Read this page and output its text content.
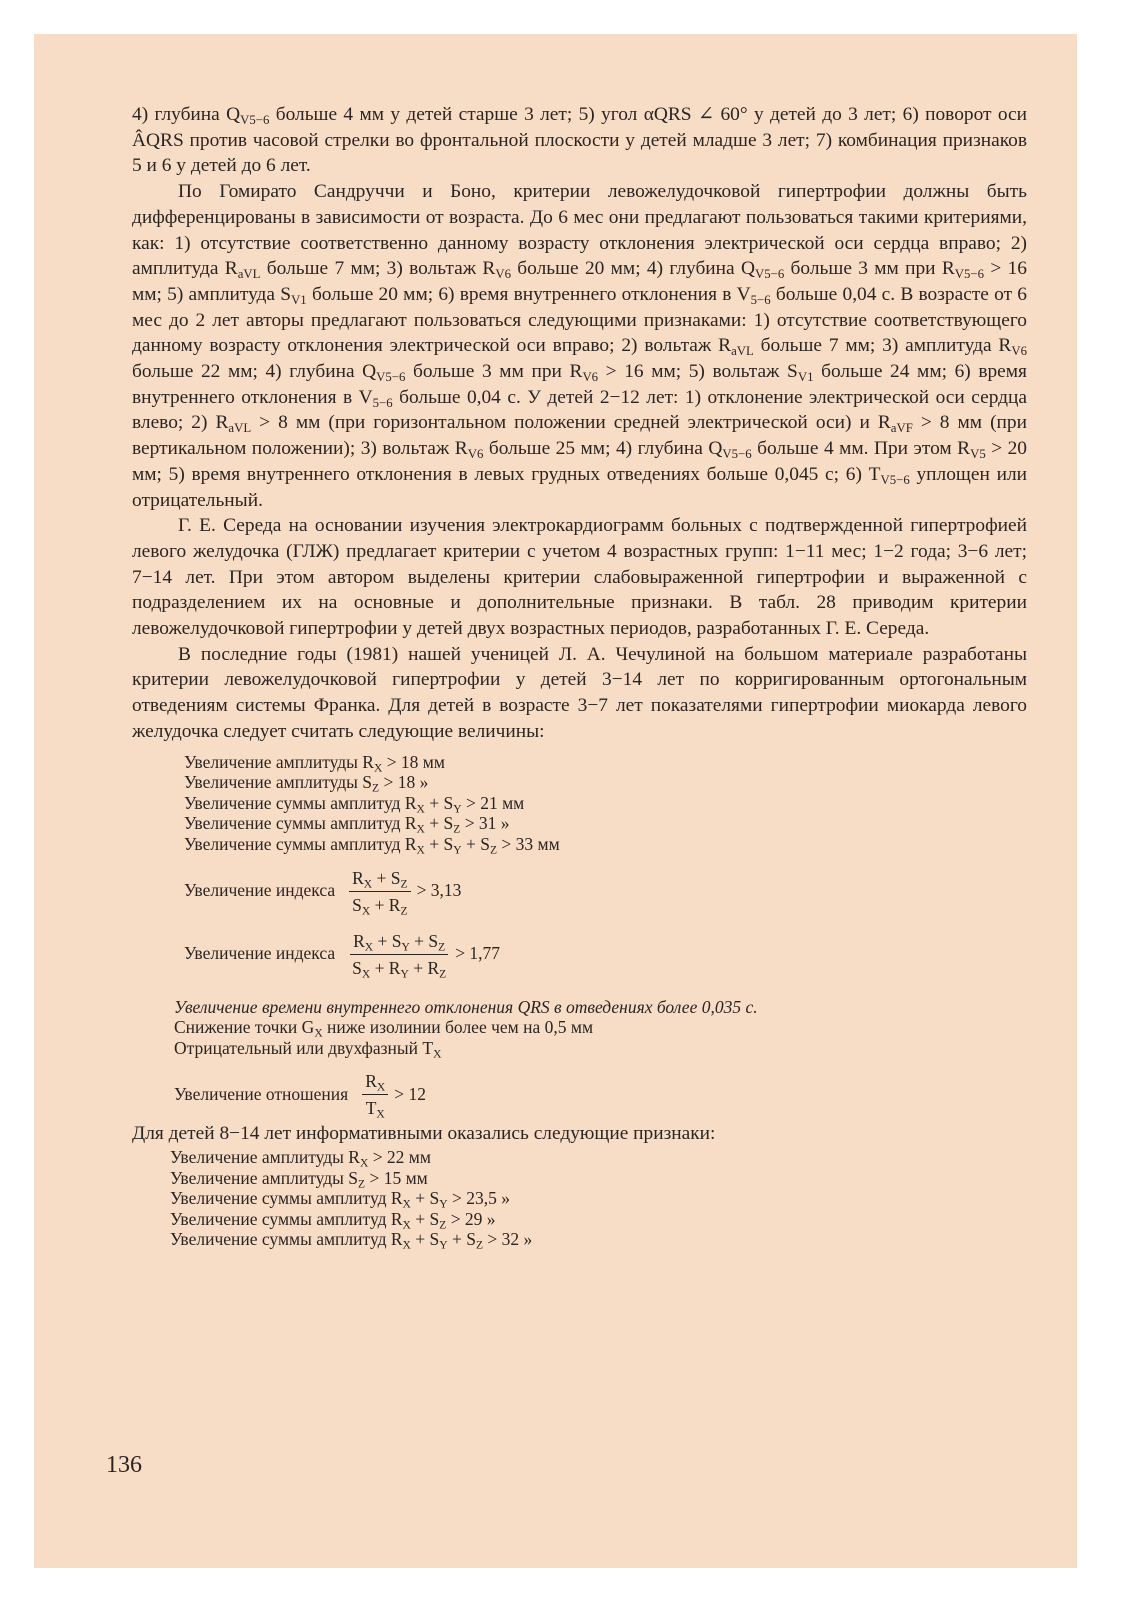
4) глубина $Q_{V5-6}$ больше 4 мм у детей старше 3 лет; 5) угол αQRS ∠ 60° у детей до 3 лет; 6) поворот оси ÂQRS против часовой стрелки во фронтальной плоскости у детей младше 3 лет; 7) комбинация признаков 5 и 6 у детей до 6 лет.

По Гомирато Сандруччи и Боно, критерии левожелудочковой гипертрофии должны быть дифференцированы в зависимости от возраста. До 6 мес они предлагают пользоваться такими критериями, как: 1) отсутствие соответственно данному возрасту отклонения электрической оси сердца вправо; 2) амплитуда $R_{aVL}$ больше 7 мм; 3) вольтаж $R_{V6}$ больше 20 мм; 4) глубина $Q_{V5-6}$ больше 3 мм при $R_{V5-6} > 16$ мм; 5) амплитуда $S_{V1}$ больше 20 мм; 6) время внутреннего отклонения в $V_{5-6}$ больше 0,04 с. В возрасте от 6 мес до 2 лет авторы предлагают пользоваться следующими признаками: 1) отсутствие соответствующего данному возрасту отклонения электрической оси вправо; 2) вольтаж $R_{aVL}$ больше 7 мм; 3) амплитуда $R_{V6}$ больше 22 мм; 4) глубина $Q_{V5-6}$ больше 3 мм при $R_{V6} > 16$ мм; 5) вольтаж $S_{V1}$ больше 24 мм; 6) время внутреннего отклонения в $V_{5-6}$ больше 0,04 с. У детей 2−12 лет: 1) отклонение электрической оси сердца влево; 2) $R_{aVL} > 8$ мм (при горизонтальном положении средней электрической оси) и $R_{aVF} > 8$ мм (при вертикальном положении); 3) вольтаж $R_{V6}$ больше 25 мм; 4) глубина $Q_{V5-6}$ больше 4 мм. При этом $R_{V5} > 20$ мм; 5) время внутреннего отклонения в левых грудных отведениях больше 0,045 с; 6) $T_{V5-6}$ уплощен или отрицательный.

Г. Е. Середа на основании изучения электрокардиограмм больных с подтвержденной гипертрофией левого желудочка (ГЛЖ) предлагает критерии с учетом 4 возрастных групп: 1−11 мес; 1−2 года; 3−6 лет; 7−14 лет. При этом автором выделены критерии слабовыраженной гипертрофии и выраженной с подразделением их на основные и дополнительные признаки. В табл. 28 приводим критерии левожелудочковой гипертрофии у детей двух возрастных периодов, разработанных Г. Е. Середа.

В последние годы (1981) нашей ученицей Л. А. Чечулиной на большом материале разработаны критерии левожелудочковой гипертрофии у детей 3−14 лет по корригированным ортогональным отведениям системы Франка. Для детей в возрасте 3−7 лет показателями гипертрофии миокарда левого желудочка следует считать следующие величины:

Увеличение амплитуды $R_X > 18$ мм
Увеличение амплитуды $S_Z > 18$ »
Увеличение суммы амплитуд $R_X + S_Y > 21$ мм
Увеличение суммы амплитуд $R_X + S_Z > 31$ »
Увеличение суммы амплитуд $R_X + S_Y + S_Z > 33$ мм
Увеличение индекса $\frac{R_X + S_Z}{S_X + R_Z} > 3,13$
Увеличение индекса $\frac{R_X + S_Y + S_Z}{S_X + R_Y + R_Z} > 1,77$
Увеличение времени внутреннего отклонения QRS в отведениях более 0,035 с.
Снижение точки $G_X$ ниже изолинии более чем на 0,5 мм
Отрицательный или двухфазный $T_X$
Увеличение отношения $\frac{R_X}{T_X} > 12$

Для детей 8−14 лет информативными оказались следующие признаки:

Увеличение амплитуды $R_X > 22$ мм
Увеличение амплитуды $S_Z > 15$ мм
Увеличение суммы амплитуд $R_X + S_Y > 23,5$ »
Увеличение суммы амплитуд $R_X + S_Z > 29$ »
Увеличение суммы амплитуд $R_X + S_Y + S_Z > 32$ »
136
